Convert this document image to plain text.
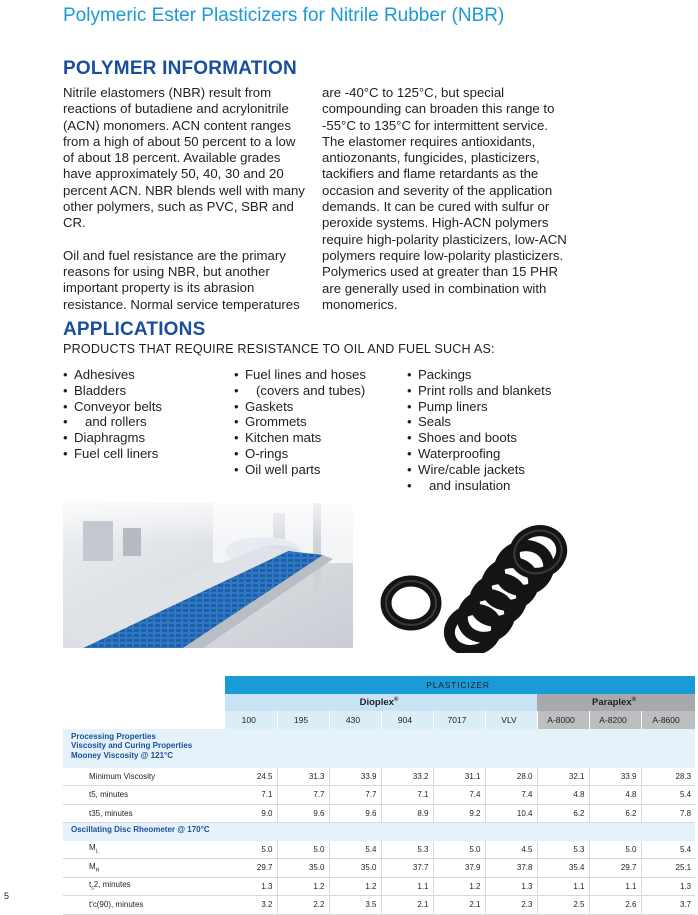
Polymeric Ester Plasticizers for Nitrile Rubber (NBR)
POLYMER INFORMATION

Nitrile elastomers (NBR) result from reactions of butadiene and acrylonitrile (ACN) monomers. ACN content ranges from a high of about 50 percent to a low of about 18 percent. Available grades have approximately 50, 40, 30 and 20 percent ACN. NBR blends well with many other polymers, such as PVC, SBR and CR.

Oil and fuel resistance are the primary reasons for using NBR, but another important property is its abrasion resistance. Normal service temperatures

are -40°C to 125°C, but special compounding can broaden this range to -55°C to 135°C for intermittent service. The elastomer requires antioxidants, antiozonants, fungicides, plasticizers, tackifiers and flame retardants as the occasion and severity of the application demands. It can be cured with sulfur or peroxide systems. High-ACN polymers require high-polarity plasticizers, low-ACN polymers require low-polarity plasticizers. Polymerics used at greater than 15 PHR are generally used in combination with monomerics.

APPLICATIONS
PRODUCTS THAT REQUIRE RESISTANCE TO OIL AND FUEL SUCH AS:
• Adhesives
• Bladders
• Conveyor belts
• and rollers
• Diaphragms
• Fuel cell liners
• Fuel lines and hoses
• (covers and tubes)
• Gaskets
• Grommets
• Kitchen mats
• O-rings
• Oil well parts
• Packings
• Print rolls and blankets
• Pump liners
• Seals
• Shoes and boots
• Waterproofing
• Wire/cable jackets
• and insulation
	PLASTICIZER								
	Dioplex®						Paraplex®
	100	195	430	904	7017	VLV	A-8000	A-8200	A-8600
Processing Properties
Viscosity and Curing Properties
Mooney Viscosity @ 121°C									
Minimum Viscosity	24.5	31.3	33.9	33.2	31.1	28.0	32.1	33.9	28.3
t5, minutes	7.1	7.7	7.7	7.1	7.4	7.4	4.8	4.8	5.4
t35, minutes	9.0	9.6	9.6	8.9	9.2	10.4	6.2	6.2	7.8
Oscillating Disc Rheometer @ 170°C									
$M_L$	5.0	5.0	5.4	5.3	5.0	4.5	5.3	5.0	5.4
$M_H$	29.7	35.0	35.0	37.7	37.9	37.8	35.4	29.7	25.1
$t_s2$, minutes	1.3	1.2	1.2	1.1	1.2	1.3	1.1	1.1	1.3
t'c(90), minutes	3.2	2.2	3.5	2.1	2.1	2.3	2.5	2.6	3.7
5
